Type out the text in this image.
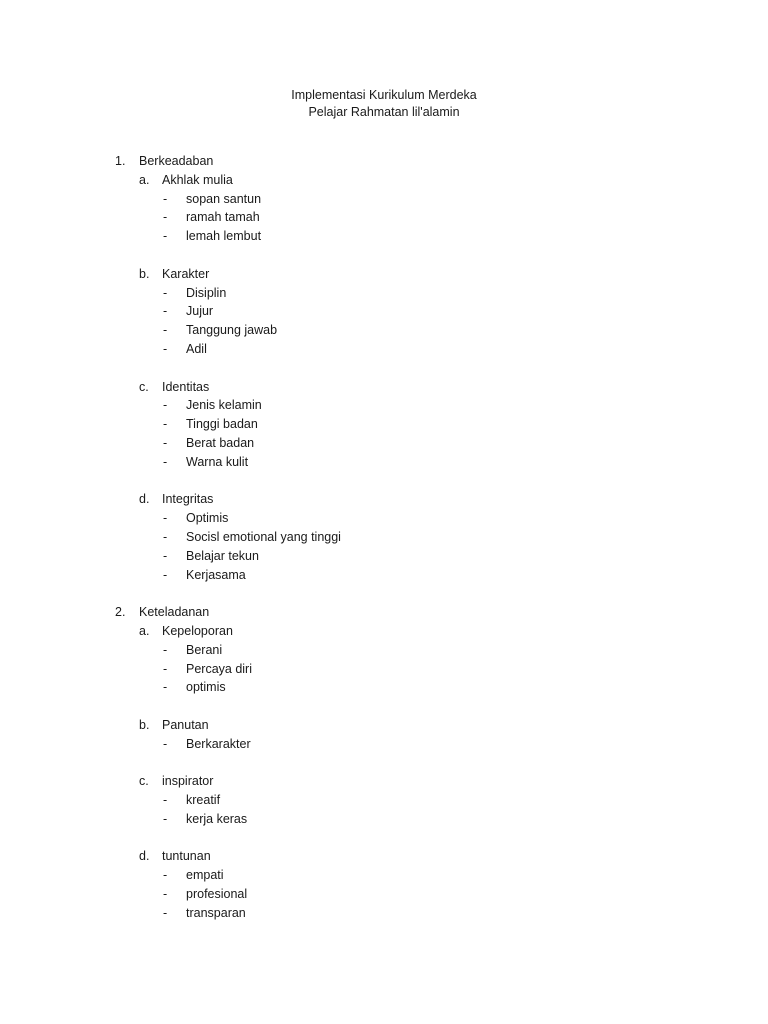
Implementasi Kurikulum Merdeka
Pelajar Rahmatan lil'alamin
1. Berkeadaban
a. Akhlak mulia
- sopan santun
- ramah tamah
- lemah lembut
b. Karakter
- Disiplin
- Jujur
- Tanggung jawab
- Adil
c. Identitas
- Jenis kelamin
- Tinggi badan
- Berat badan
- Warna kulit
d. Integritas
- Optimis
- Socisl emotional yang tinggi
- Belajar tekun
- Kerjasama
2. Keteladanan
a. Kepeloporan
- Berani
- Percaya diri
- optimis
b. Panutan
- Berkarakter
c. inspirator
- kreatif
- kerja keras
d. tuntunan
- empati
- profesional
- transparan
